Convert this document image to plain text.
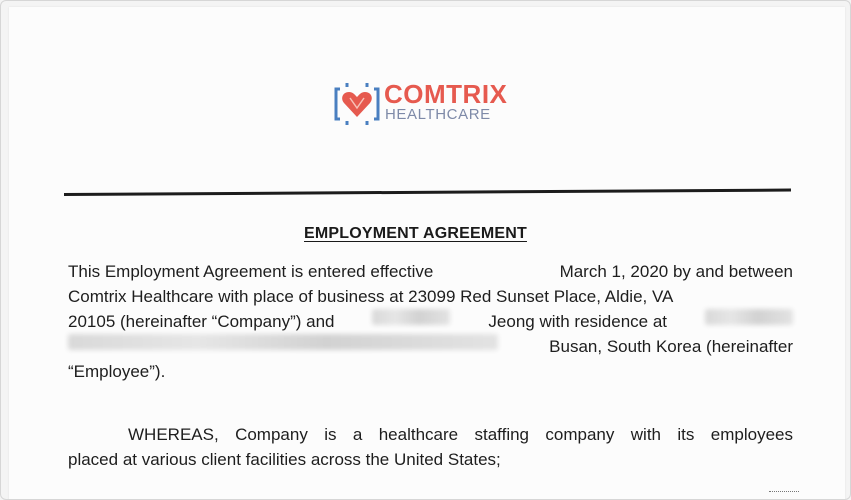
COMTRIX
HEALTHCARE
EMPLOYMENT AGREEMENT
This Employment Agreement is entered effective	March 1, 2020 by and between
Comtrix Healthcare with place of business at 23099 Red Sunset Place, Aldie, VA
20105 (hereinafter “Company”) and	Jeong with residence at
Busan, South Korea (hereinafter
“Employee”).
WHEREAS, Company is a healthcare staffing company with its employees
placed at various client facilities across the United States;
